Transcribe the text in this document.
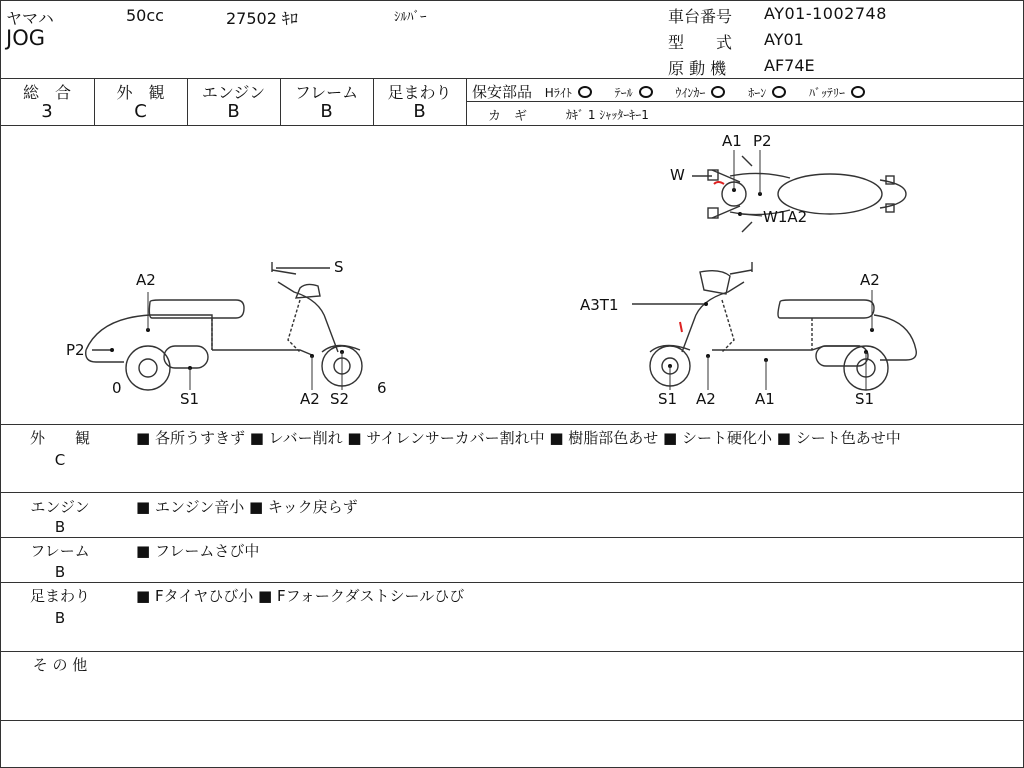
ヤマハ	50cc	27502 ｷﾛ	ｼﾙﾊﾞｰ
JOG
車台番号 AY01-1002748
型　　式 AY01
原 動 機 AF74E
総　合	外　観	エンジン	フレーム	足まわり
3	C	B	B	B
保安部品 Hﾗｲﾄ	ﾃｰﾙ	ｳｲﾝｶｰ	ﾎｰﾝ	ﾊﾞｯﾃﾘｰ
カ　ギ	ｶｷﾞ 1 ｼｬｯﾀｰｷｰ1
A2
S
P2
0
S1	A2 S2
6
A1 P2
W
W1A2
A3T1
A2
S1 A2	A1	S1
外　　観
C
■ 各所うすきず ■ レバー削れ ■ サイレンサーカバー割れ中 ■ 樹脂部色あせ ■ シート硬化小 ■ シート色あせ中
エンジン
B
■ エンジン音小 ■ キック戻らず
フレーム
B
■ フレームさび中
足まわり
B
■ Fタイヤひび小 ■ Fフォークダストシールひび
そ の 他
